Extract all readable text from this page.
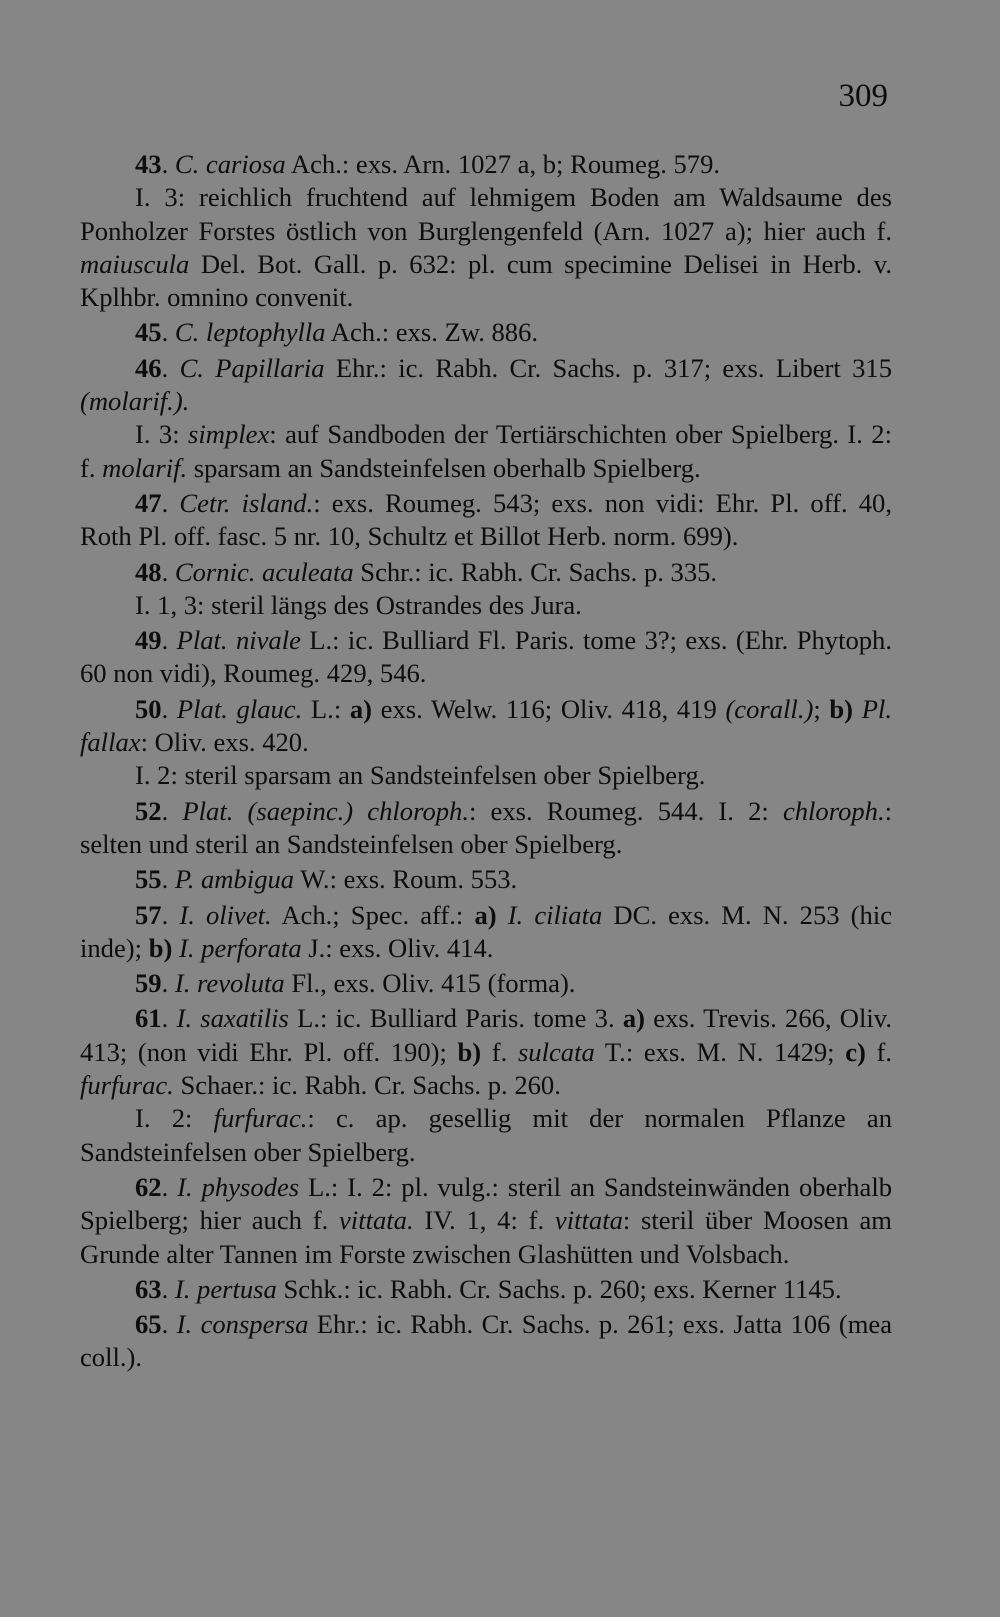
309

43. C. cariosa Ach.: exs. Arn. 1027 a, b; Roumeg. 579.

I. 3: reichlich fruchtend auf lehmigem Boden am Waldsaume des Ponholzer Forstes östlich von Burglengenfeld (Arn. 1027 a); hier auch f. maiuscula Del. Bot. Gall. p. 632: pl. cum specimine Delisei in Herb. v. Kplhbr. omnino convenit.

45. C. leptophylla Ach.: exs. Zw. 886.

46. C. Papillaria Ehr.: ic. Rabh. Cr. Sachs. p. 317; exs. Libert 315 (molarif.).

I. 3: simplex: auf Sandboden der Tertiärschichten ober Spielberg. I. 2: f. molarif. sparsam an Sandsteinfelsen oberhalb Spielberg.

47. Cetr. island.: exs. Roumeg. 543; exs. non vidi: Ehr. Pl. off. 40, Roth Pl. off. fasc. 5 nr. 10, Schultz et Billot Herb. norm. 699).

48. Cornic. aculeata Schr.: ic. Rabh. Cr. Sachs. p. 335.

I. 1, 3: steril längs des Ostrandes des Jura.

49. Plat. nivale L.: ic. Bulliard Fl. Paris. tome 3?; exs. (Ehr. Phytoph. 60 non vidi), Roumeg. 429, 546.

50. Plat. glauc. L.: a) exs. Welw. 116; Oliv. 418, 419 (corall.); b) Pl. fallax: Oliv. exs. 420.

I. 2: steril sparsam an Sandsteinfelsen ober Spielberg.

52. Plat. (saepinc.) chloroph.: exs. Roumeg. 544. I. 2: chloroph.: selten und steril an Sandsteinfelsen ober Spielberg.

55. P. ambigua W.: exs. Roum. 553.

57. I. olivet. Ach.; Spec. aff.: a) I. ciliata DC. exs. M. N. 253 (hic inde); b) I. perforata J.: exs. Oliv. 414.

59. I. revoluta Fl., exs. Oliv. 415 (forma).

61. I. saxatilis L.: ic. Bulliard Paris. tome 3. a) exs. Trevis. 266, Oliv. 413; (non vidi Ehr. Pl. off. 190); b) f. sulcata T.: exs. M. N. 1429; c) f. furfurac. Schaer.: ic. Rabh. Cr. Sachs. p. 260.

I. 2: furfurac.: c. ap. gesellig mit der normalen Pflanze an Sandsteinfelsen ober Spielberg.

62. I. physodes L.: I. 2: pl. vulg.: steril an Sandsteinwänden oberhalb Spielberg; hier auch f. vittata. IV. 1, 4: f. vittata: steril über Moosen am Grunde alter Tannen im Forste zwischen Glashütten und Volsbach.

63. I. pertusa Schk.: ic. Rabh. Cr. Sachs. p. 260; exs. Kerner 1145.

65. I. conspersa Ehr.: ic. Rabh. Cr. Sachs. p. 261; exs. Jatta 106 (mea coll.).
